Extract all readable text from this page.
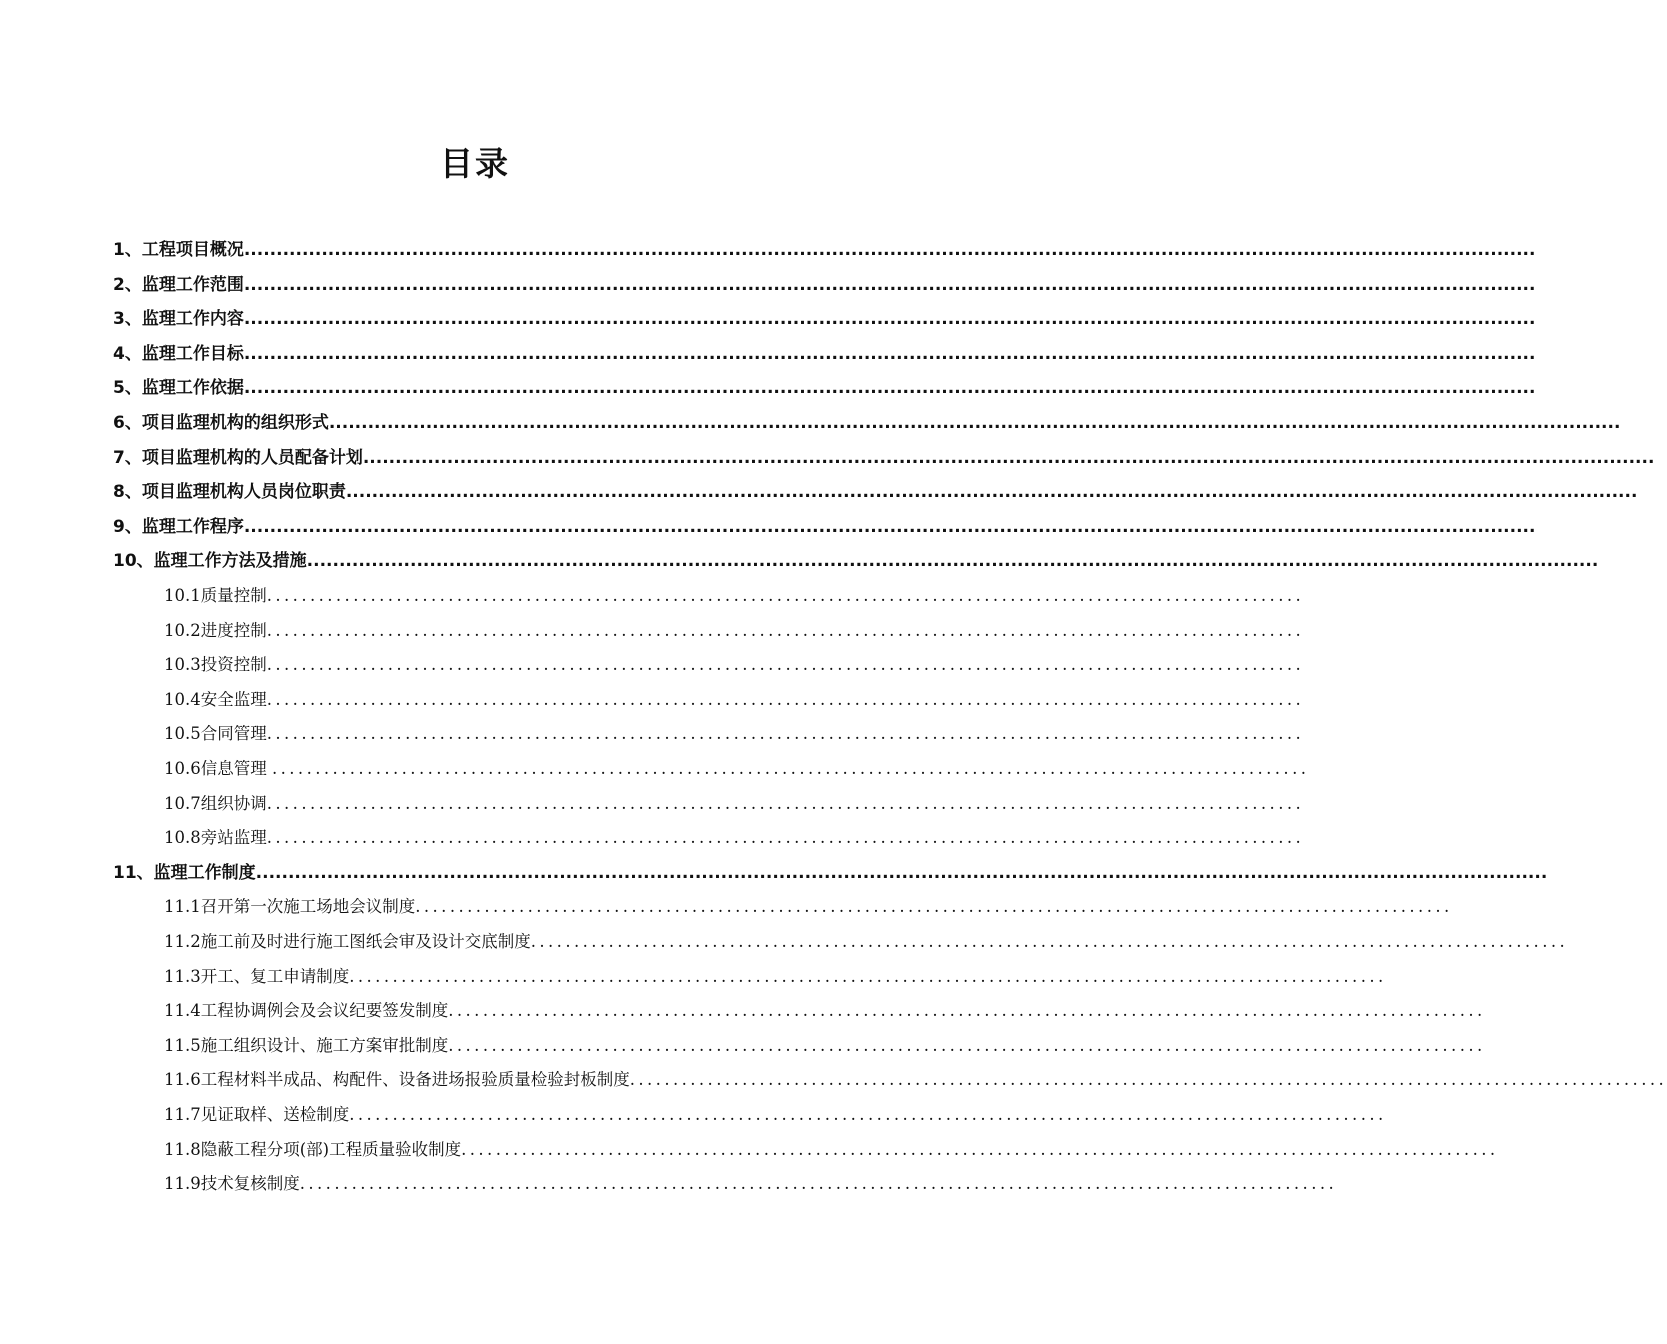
目录
1、工程项目概况........................................................................................................................................................................................................
2、监理工作范围........................................................................................................................................................................................................
3、监理工作内容........................................................................................................................................................................................................
4、监理工作目标........................................................................................................................................................................................................
5、监理工作依据........................................................................................................................................................................................................
6、项目监理机构的组织形式........................................................................................................................................................................................................
7、项目监理机构的人员配备计划........................................................................................................................................................................................................
8、项目监理机构人员岗位职责........................................................................................................................................................................................................
9、监理工作程序........................................................................................................................................................................................................
10、监理工作方法及措施........................................................................................................................................................................................................
10.1质量控制........................................................................................................................
10.2进度控制........................................................................................................................
10.3投资控制........................................................................................................................
10.4安全监理........................................................................................................................
10.5合同管理........................................................................................................................
10.6信息管理 ........................................................................................................................
10.7组织协调........................................................................................................................
10.8旁站监理........................................................................................................................
11、监理工作制度........................................................................................................................................................................................................
11.1召开第一次施工场地会议制度........................................................................................................................
11.2施工前及时进行施工图纸会审及设计交底制度........................................................................................................................
11.3开工、复工申请制度........................................................................................................................
11.4工程协调例会及会议纪要签发制度........................................................................................................................
11.5施工组织设计、施工方案审批制度........................................................................................................................
11.6工程材料半成品、构配件、设备进场报验质量检验封板制度........................................................................................................................
11.7见证取样、送检制度........................................................................................................................
11.8隐蔽工程分项(部)工程质量验收制度........................................................................................................................
11.9技术复核制度........................................................................................................................
